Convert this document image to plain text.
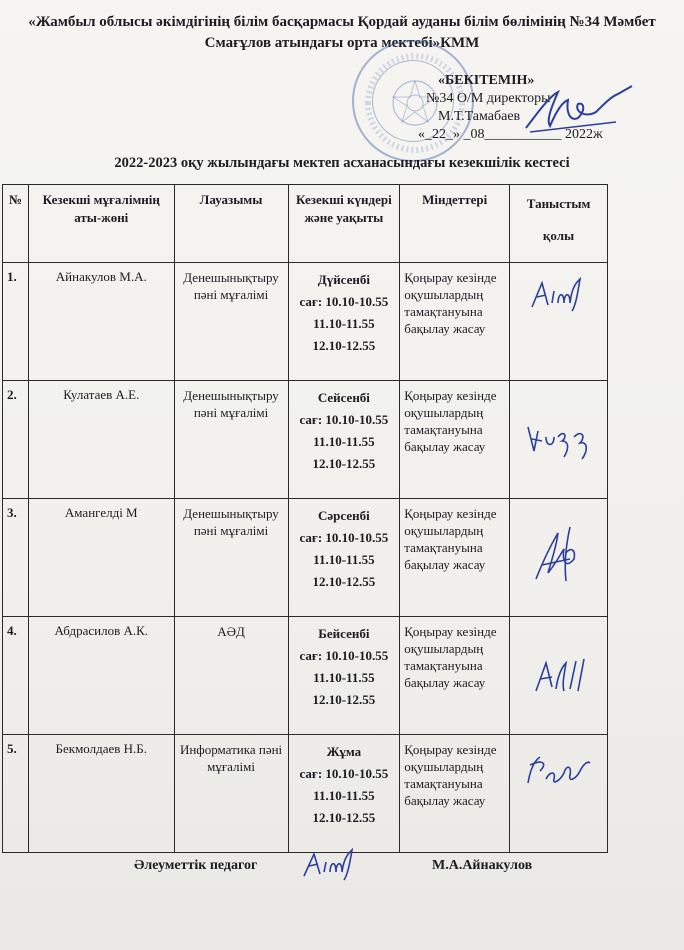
«Жамбыл облысы әкімдігінің білім басқармасы Қордай ауданы білім бөлімінің №34 Мәмбет
Смағұлов атындағы орта мектебі»КММ
«БЕКІТЕМІН»
№34 О/М директоры
М.Т.Тамабаев
«_22_» _08___________ 2022ж
2022-2023 оқу жылындағы мектеп асханасындағы кезекшілік кестесі
№	Кезекші мұғалімнің аты-жөні	Лауазымы	Кезекші күндері және уақыты	Міндеттері	Таныстым
қолы

1.	Айнакулов М.А.	Денешынықтыру пәні мұғалімі	Дүйсенбі
сағ: 10.10-10.55
11.10-11.55
12.10-12.55	Қоңырау кезінде оқушылардың тамақтануына бақылау жасау	

2.	Кулатаев А.Е.	Денешынықтыру пәні мұғалімі	Сейсенбі
сағ: 10.10-10.55
11.10-11.55
12.10-12.55	Қоңырау кезінде оқушылардың тамақтануына бақылау жасау	

3.	Амангелді М	Денешынықтыру пәні мұғалімі	Сәрсенбі
сағ: 10.10-10.55
11.10-11.55
12.10-12.55	Қоңырау кезінде оқушылардың тамақтануына бақылау жасау	

4.	Абдрасилов А.К.	АӘД	Бейсенбі
сағ: 10.10-10.55
11.10-11.55
12.10-12.55	Қоңырау кезінде оқушылардың тамақтануына бақылау жасау	

5.	Бекмолдаев Н.Б.	Информатика пәні мұғалімі	Жұма
сағ: 10.10-10.55
11.10-11.55
12.10-12.55	Қоңырау кезінде оқушылардың тамақтануына бақылау жасау	
Әлеуметтік педагог	М.А.Айнакулов
